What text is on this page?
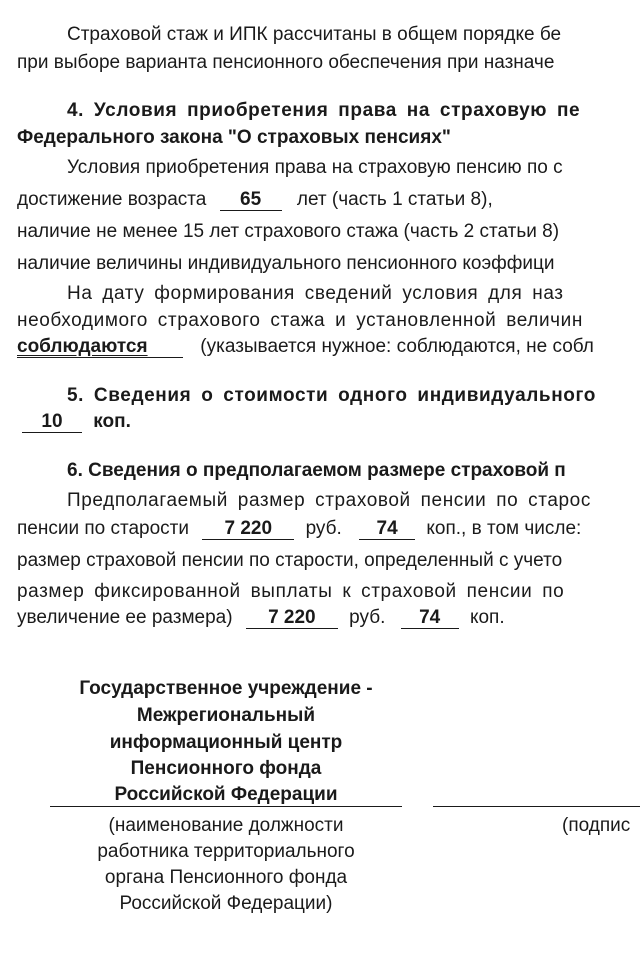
Страховой стаж и ИПК рассчитаны в общем порядке бе
при выборе варианта пенсионного обеспечения при назначе
4. Условия приобретения права на страховую пе
Федерального закона "О страховых пенсиях"
Условия приобретения права на страховую пенсию по с
достижение возраста 65 лет (часть 1 статьи 8),
наличие не менее 15 лет страхового стажа (часть 2 статьи 8)
наличие величины индивидуального пенсионного коэффици
На дату формирования сведений условия для наз
необходимого страхового стажа и установленной величин
соблюдаются	(указывается нужное: соблюдаются, не собл
5. Сведения о стоимости одного индивидуального
10 коп.
6. Сведения о предполагаемом размере страховой п
Предполагаемый размер страховой пенсии по старос
пенсии по старости 7 220 руб. 74 коп., в том числе:
размер страховой пенсии по старости, определенный с учето
размер фиксированной выплаты к страховой пенсии по
увеличение ее размера) 7 220 руб. 74 коп.
Государственное учреждение -
Межрегиональный
информационный центр
Пенсионного фонда
Российской Федерации
(наименование должности
работника территориального
органа Пенсионного фонда
Российской Федерации)
(подпис
